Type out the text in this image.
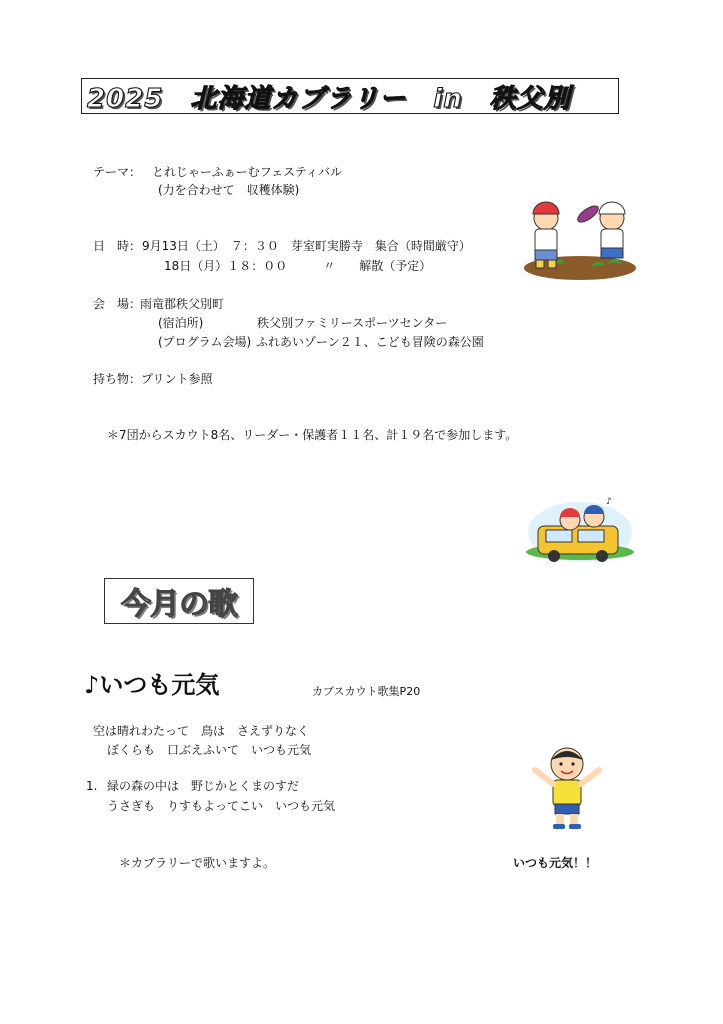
2025　北海道カブラリー　in　秩父別
テーマ： とれじゃーふぁーむフェスティバル
(力を合わせて　収穫体験)
日　時： 9月13日（土）　７：３０　芽室町実勝寺　集合（時間厳守）
18日（月）１８：００　　　〃　　解散（予定）
会　場：
雨竜郡秩父別町
(宿泊所)	秩父別ファミリースポーツセンター
(プログラム会場) ふれあいゾーン２１、こども冒険の森公園
持ち物：プリント参照
＊7団からスカウト8名、リーダー・保護者１１名、計１９名で参加します。
♪
今月の歌
♪いつも元気	カブスカウト歌集P20
空は晴れわたって　鳥は　さえずりなく
ぼくらも　口ぶえふいて　いつも元気
1. 緑の森の中は　野じかとくまのすだ
うさぎも　りすもよってこい　いつも元気
＊カブラリーで歌いますよ。	いつも元気！！
